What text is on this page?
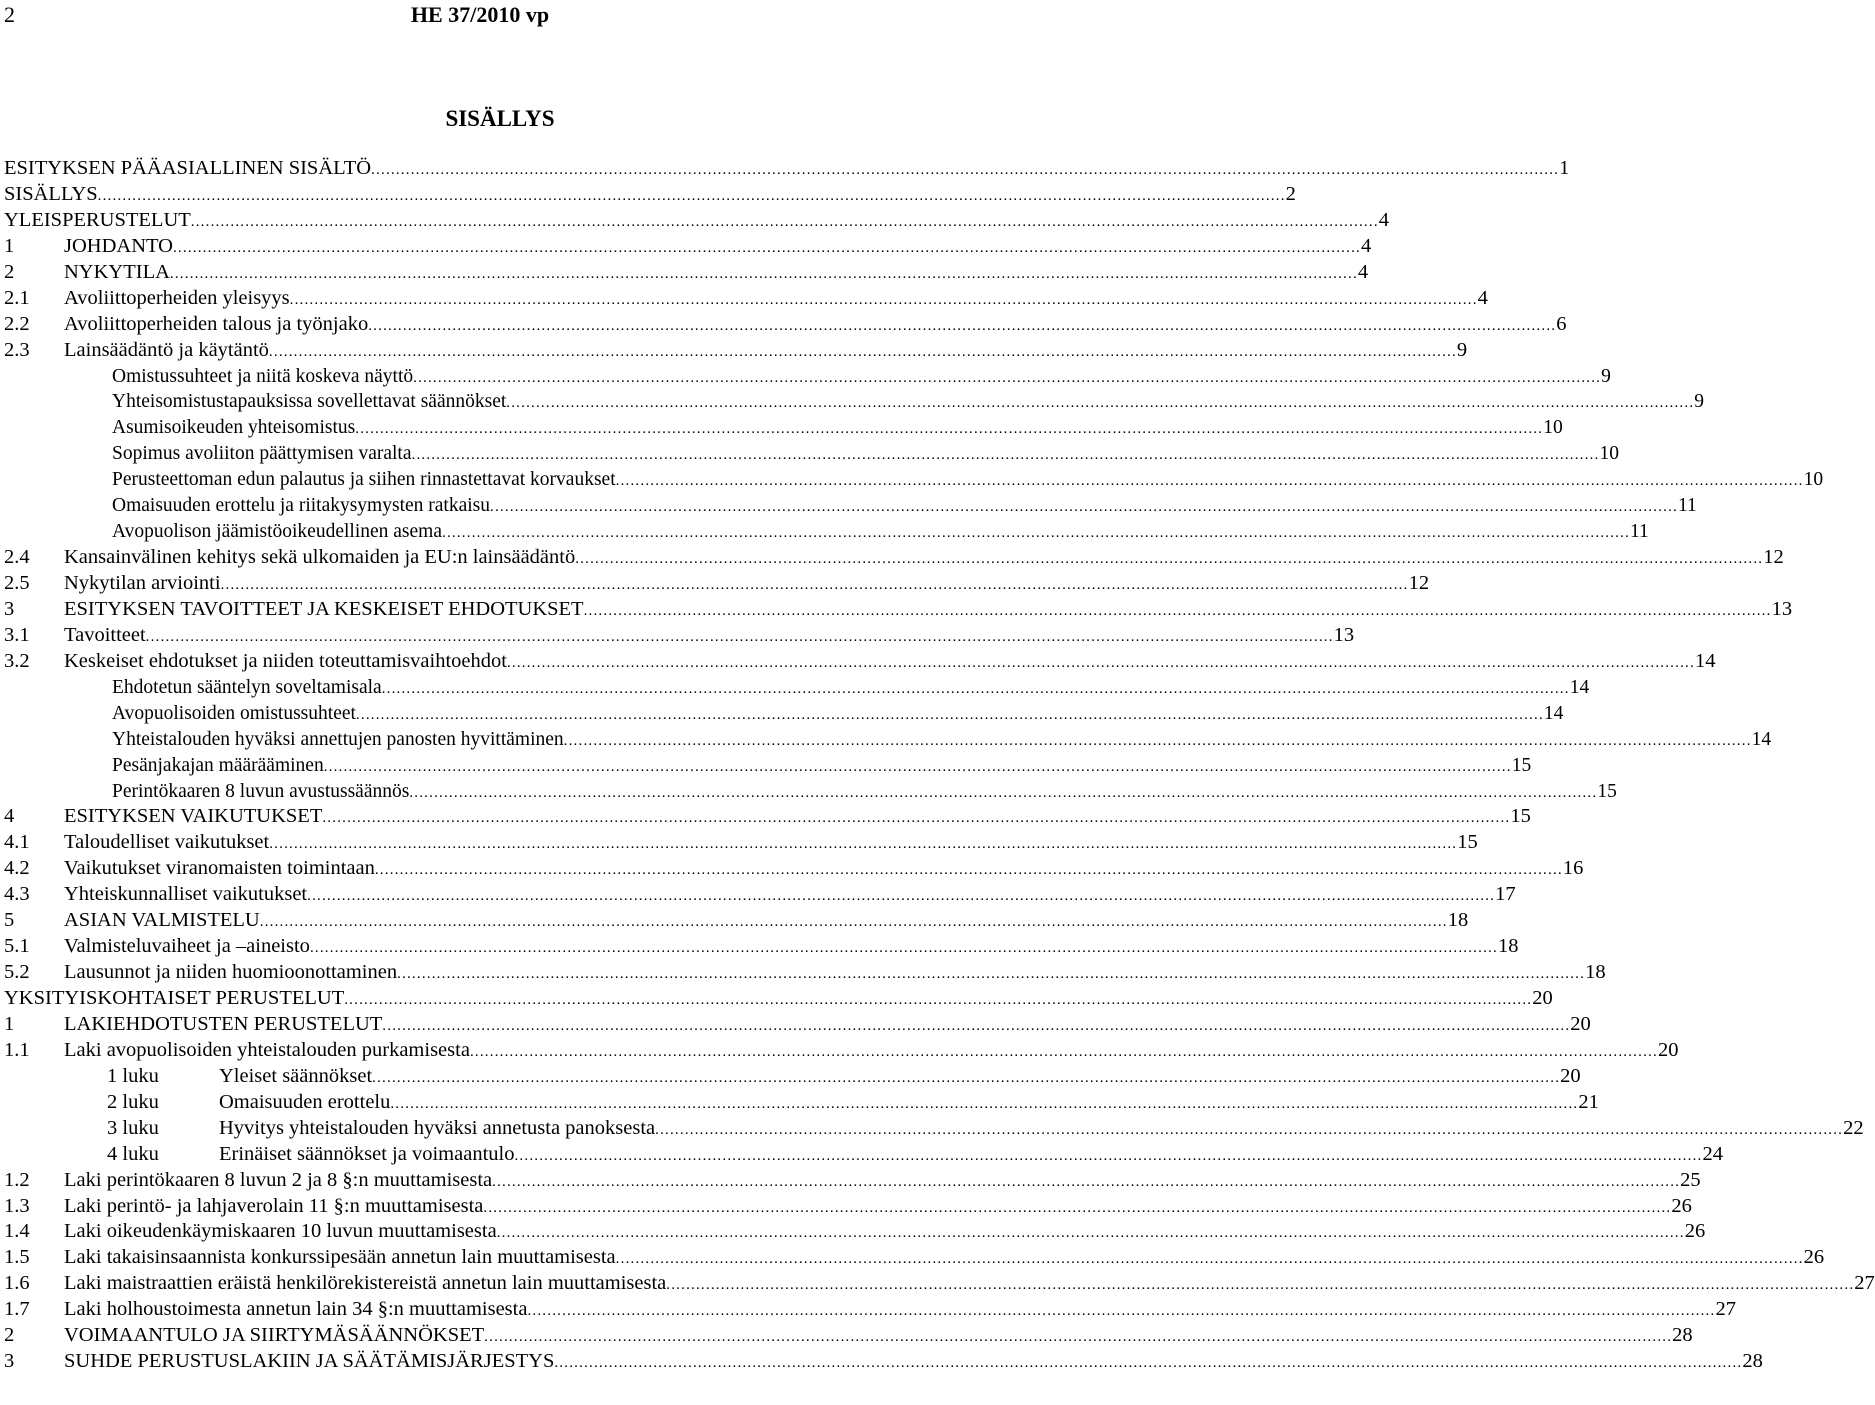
2	HE 37/2010 vp
SISÄLLYS
ESITYKSEN PÄÄASIALLINEN SISÄLTÖ .....	1
SISÄLLYS .....	2
YLEISPERUSTELUT .....	4
1	JOHDANTO .....	4
2	NYKYTILA .....	4
2.1	Avoliittoperheiden yleisyys .....	4
2.2	Avoliittoperheiden talous ja työnjako .....	6
2.3	Lainsäädäntö ja käytäntö .....	9
Omistussuhteet ja niitä koskeva näyttö .....	9
Yhteisomistustapauksissa sovellettavat säännökset .....	9
Asumisoikeuden yhteisomistus .....	10
Sopimus avoliiton päättymisen varalta .....	10
Perusteettoman edun palautus ja siihen rinnastettavat korvaukset .....	10
Omaisuuden erottelu ja riitakysymysten ratkaisu .....	11
Avopuolison jäämistöoikeudellinen asema .....	11
2.4	Kansainvälinen kehitys sekä ulkomaiden ja EU:n lainsäädäntö .....	12
2.5	Nykytilan arviointi .....	12
3	ESITYKSEN TAVOITTEET JA KESKEISET EHDOTUKSET .....	13
3.1	Tavoitteet .....	13
3.2	Keskeiset ehdotukset ja niiden toteuttamisvaihtoehdot .....	14
Ehdotetun sääntelyn soveltamisala .....	14
Avopuolisoiden omistussuhteet .....	14
Yhteistalouden hyväksi annettujen panosten hyvittäminen .....	14
Pesänjakajan määrääminen .....	15
Perintökaaren 8 luvun avustussäännös .....	15
4	ESITYKSEN VAIKUTUKSET .....	15
4.1	Taloudelliset vaikutukset .....	15
4.2	Vaikutukset viranomaisten toimintaan .....	16
4.3	Yhteiskunnalliset vaikutukset .....	17
5	ASIAN VALMISTELU .....	18
5.1	Valmisteluvaiheet ja –aineisto .....	18
5.2	Lausunnot ja niiden huomioonottaminen .....	18
YKSITYISKOHTAISET PERUSTELUT .....	20
1	LAKIEHDOTUSTEN PERUSTELUT .....	20
1.1	Laki avopuolisoiden yhteistalouden purkamisesta .....	20
1 luku	Yleiset säännökset .....	20
2 luku	Omaisuuden erottelu .....	21
3 luku	Hyvitys yhteistalouden hyväksi annetusta panoksesta .....	22
4 luku	Erinäiset säännökset ja voimaantulo .....	24
1.2	Laki perintökaaren 8 luvun 2 ja 8 §:n muuttamisesta .....	25
1.3	Laki perintö- ja lahjaverolain 11 §:n muuttamisesta .....	26
1.4	Laki oikeudenkäymiskaaren 10 luvun muuttamisesta .....	26
1.5	Laki takaisinsaannista konkurssipesään annetun lain muuttamisesta .....	26
1.6	Laki maistraattien eräistä henkilörekistereistä annetun lain muuttamisesta .....	27
1.7	Laki holhoustoimesta annetun lain 34 §:n muuttamisesta .....	27
2	VOIMAANTULO JA SIIRTYMÄSÄÄNNÖKSET .....	28
3	SUHDE PERUSTUSLAKIIN JA SÄÄTÄMISJÄRJESTYS .....	28
